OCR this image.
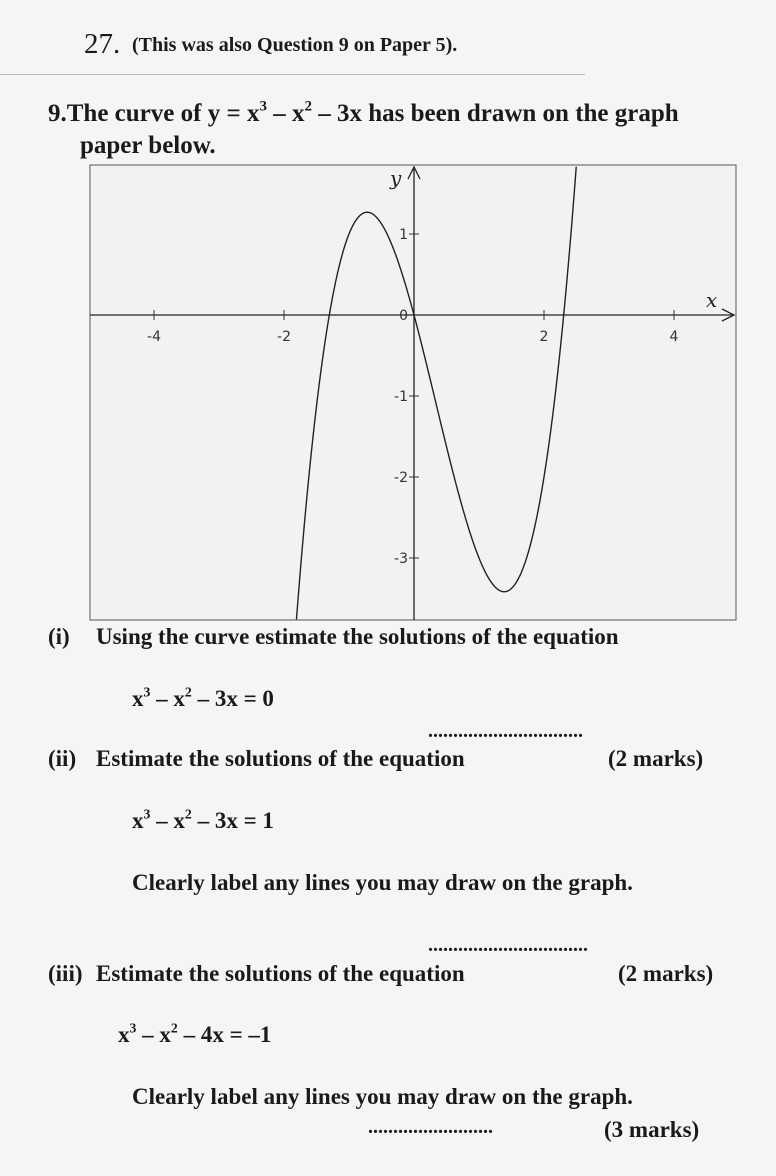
27. (This was also Question 9 on Paper 5).
9.The curve of $y = x^3 - x^2 - 3x$ has been drawn on the graph
paper below.
-4	-2	2	4
1
0
-1
-2
-3
y
x
(i) Using the curve estimate the solutions of the equation
$x^3 - x^2 - 3x = 0$
...............................
(ii) Estimate the solutions of the equation	(2 marks)
$x^3 - x^2 - 3x = 1$
Clearly label any lines you may draw on the graph.
................................
(iii) Estimate the solutions of the equation	(2 marks)
$x^3 - x^2 - 4x = -1$
Clearly label any lines you may draw on the graph.
.........................	(3 marks)
